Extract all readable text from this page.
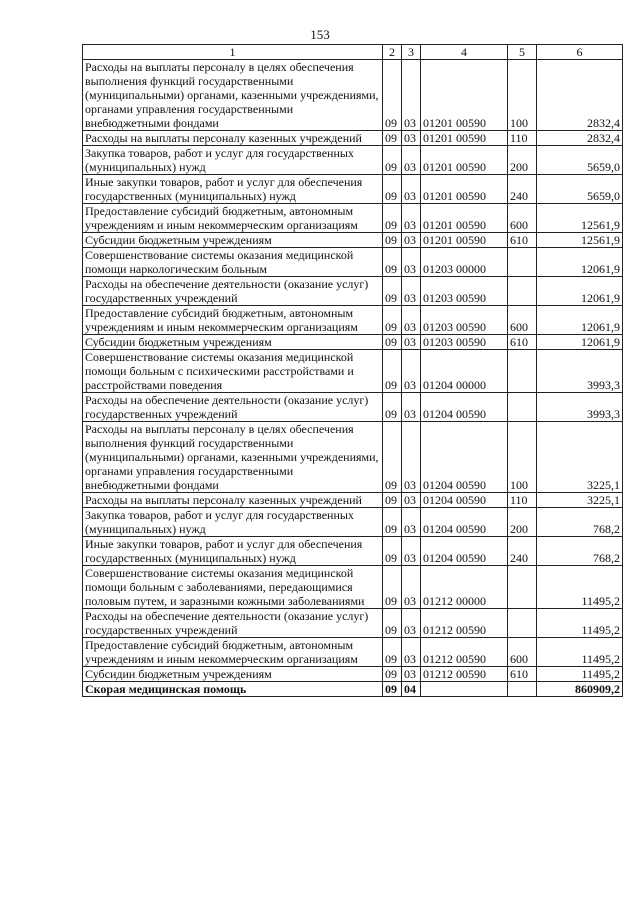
153
1	2	3	4	5	6
Расходы на выплаты персоналу в целях обеспечения выполнения функций государственными (муниципальными) органами, казенными учреждениями, органами управления государственными внебюджетными фондами	09	03	01201 00590	100	2832,4
Расходы на выплаты персоналу казенных учреждений	09	03	01201 00590	110	2832,4
Закупка товаров, работ и услуг для государственных (муниципальных) нужд	09	03	01201 00590	200	5659,0
Иные закупки товаров, работ и услуг для обеспечения государственных (муниципальных) нужд	09	03	01201 00590	240	5659,0
Предоставление субсидий бюджетным, автономным учреждениям и иным некоммерческим организациям	09	03	01201 00590	600	12561,9
Субсидии бюджетным учреждениям	09	03	01201 00590	610	12561,9
Совершенствование системы оказания медицинской помощи наркологическим больным	09	03	01203 00000		12061,9
Расходы на обеспечение деятельности (оказание услуг) государственных учреждений	09	03	01203 00590		12061,9
Предоставление субсидий бюджетным, автономным учреждениям и иным некоммерческим организациям	09	03	01203 00590	600	12061,9
Субсидии бюджетным учреждениям	09	03	01203 00590	610	12061,9
Совершенствование системы оказания медицинской помощи больным с психическими расстройствами и расстройствами поведения	09	03	01204 00000		3993,3
Расходы на обеспечение деятельности (оказание услуг) государственных учреждений	09	03	01204 00590		3993,3
Расходы на выплаты персоналу в целях обеспечения выполнения функций государственными (муниципальными) органами, казенными учреждениями, органами управления государственными внебюджетными фондами	09	03	01204 00590	100	3225,1
Расходы на выплаты персоналу казенных учреждений	09	03	01204 00590	110	3225,1
Закупка товаров, работ и услуг для государственных (муниципальных) нужд	09	03	01204 00590	200	768,2
Иные закупки товаров, работ и услуг для обеспечения государственных (муниципальных) нужд	09	03	01204 00590	240	768,2
Совершенствование системы оказания медицинской помощи больным с заболеваниями, передающимися половым путем, и заразными кожными заболеваниями	09	03	01212 00000		11495,2
Расходы на обеспечение деятельности (оказание услуг) государственных учреждений	09	03	01212 00590		11495,2
Предоставление субсидий бюджетным, автономным учреждениям и иным некоммерческим организациям	09	03	01212 00590	600	11495,2
Субсидии бюджетным учреждениям	09	03	01212 00590	610	11495,2
Скорая медицинская помощь	09	04			860909,2
